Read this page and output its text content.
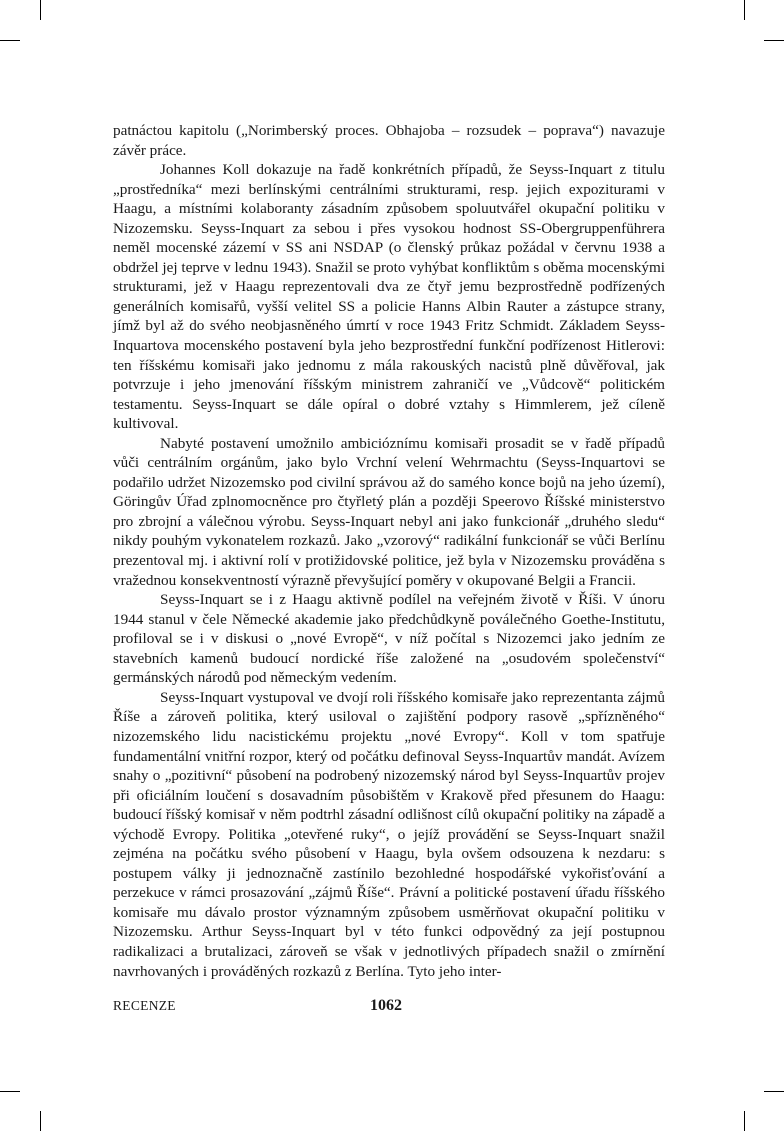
patnáctou kapitolu („Norimberský proces. Obhajoba – rozsudek – poprava“) navazuje závěr práce.

Johannes Koll dokazuje na řadě konkrétních případů, že Seyss-Inquart z titulu „prostředníka“ mezi berlínskými centrálními strukturami, resp. jejich expoziturami v Haagu, a místními kolaboranty zásadním způsobem spoluutvářel okupační politiku v Nizozemsku. Seyss-Inquart za sebou i přes vysokou hodnost SS-Obergruppenführera neměl mocenské zázemí v SS ani NSDAP (o členský průkaz požádal v červnu 1938 a obdržel jej teprve v lednu 1943). Snažil se proto vyhýbat konfliktům s oběma mocenskými strukturami, jež v Haagu reprezentovali dva ze čtyř jemu bezprostředně podřízených generálních komisařů, vyšší velitel SS a policie Hanns Albin Rauter a zástupce strany, jímž byl až do svého neobjasněného úmrtí v roce 1943 Fritz Schmidt. Základem Seyss-Inquartova mocenského postavení byla jeho bezprostřední funkční podřízenost Hitlerovi: ten říšskému komisaři jako jednomu z mála rakouských nacistů plně důvěřoval, jak potvrzuje i jeho jmenování říšským ministrem zahraničí ve „Vůdcově“ politickém testamentu. Seyss-Inquart se dále opíral o dobré vztahy s Himmlerem, jež cíleně kultivoval.

Nabyté postavení umožnilo ambicióznímu komisaři prosadit se v řadě případů vůči centrálním orgánům, jako bylo Vrchní velení Wehrmachtu (Seyss-Inquartovi se podařilo udržet Nizozemsko pod civilní správou až do samého konce bojů na jeho území), Göringův Úřad zplnomocněnce pro čtyřletý plán a později Speerovo Říšské ministerstvo pro zbrojní a válečnou výrobu. Seyss-Inquart nebyl ani jako funkcionář „druhého sledu“ nikdy pouhým vykonatelem rozkazů. Jako „vzorový“ radikální funkcionář se vůči Berlínu prezentoval mj. i aktivní rolí v protižidovské politice, jež byla v Nizozemsku prováděna s vražednou konsekventností výrazně převyšující poměry v okupované Belgii a Francii.

Seyss-Inquart se i z Haagu aktivně podílel na veřejném životě v Říši. V únoru 1944 stanul v čele Německé akademie jako předchůdkyně poválečného Goethe-Institutu, profiloval se i v diskusi o „nové Evropě“, v níž počítal s Nizozemci jako jedním ze stavebních kamenů budoucí nordické říše založené na „osudovém společenství“ germánských národů pod německým vedením.

Seyss-Inquart vystupoval ve dvojí roli říšského komisaře jako reprezentanta zájmů Říše a zároveň politika, který usiloval o zajištění podpory rasově „spřízněného“ nizozemského lidu nacistickému projektu „nové Evropy“. Koll v tom spatřuje fundamentální vnitřní rozpor, který od počátku definoval Seyss-Inquartův mandát. Avízem snahy o „pozitivní“ působení na podrobený nizozemský národ byl Seyss-Inquartův projev při oficiálním loučení s dosavadním působištěm v Krakově před přesunem do Haagu: budoucí říšský komisař v něm podtrhl zásadní odlišnost cílů okupační politiky na západě a východě Evropy. Politika „otevřené ruky“, o jejíž provádění se Seyss-Inquart snažil zejména na počátku svého působení v Haagu, byla ovšem odsouzena k nezdaru: s postupem války ji jednoznačně zastínilo bezohledné hospodářské vykořisťování a perzekuce v rámci prosazování „zájmů Říše“. Právní a politické postavení úřadu říšského komisaře mu dávalo prostor významným způsobem usměrňovat okupační politiku v Nizozemsku. Arthur Seyss-Inquart byl v této funkci odpovědný za její postupnou radikalizaci a brutalizaci, zároveň se však v jednotlivých případech snažil o zmírnění navrhovaných i prováděných rozkazů z Berlína. Tyto jeho inter-

RECENZE	1062
